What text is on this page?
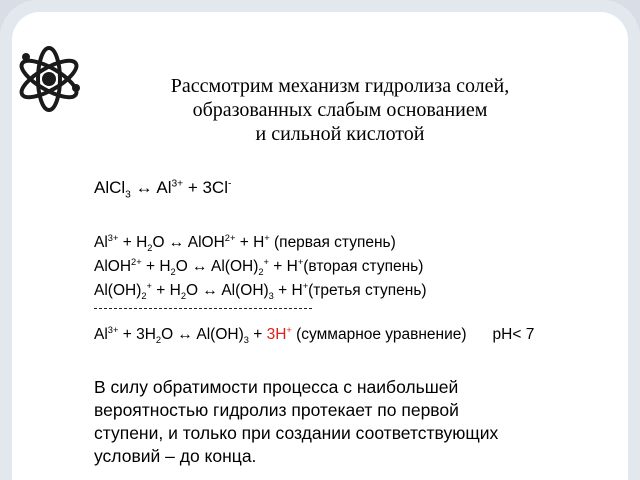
Рассмотрим механизм гидролиза солей,
образованных слабым основанием
и сильной кислотой
AlCl$_3$ ↔ $Al^{3+} + 3Cl^-$
$Al^{3+} + H_2O$ ↔ AlOH$^{2+}$ + H+ (первая ступень)
AlOH$^{2+}$ + $H_2O$ ↔ $Al(OH)_2^+$ + H+(вторая ступень)
$Al(OH)_2^+ + H_2O$ ↔ $Al(OH)_3$ + H+(третья ступень)
$Al^{3+} + 3H_2O$ ↔ $Al(OH)_3 + 3H^+$ (суммарное уравнение) pH< 7
В силу обратимости процесса с наибольшей
вероятностью гидролиз протекает по первой
ступени, и только при создании соответствующих
условий – до конца.
